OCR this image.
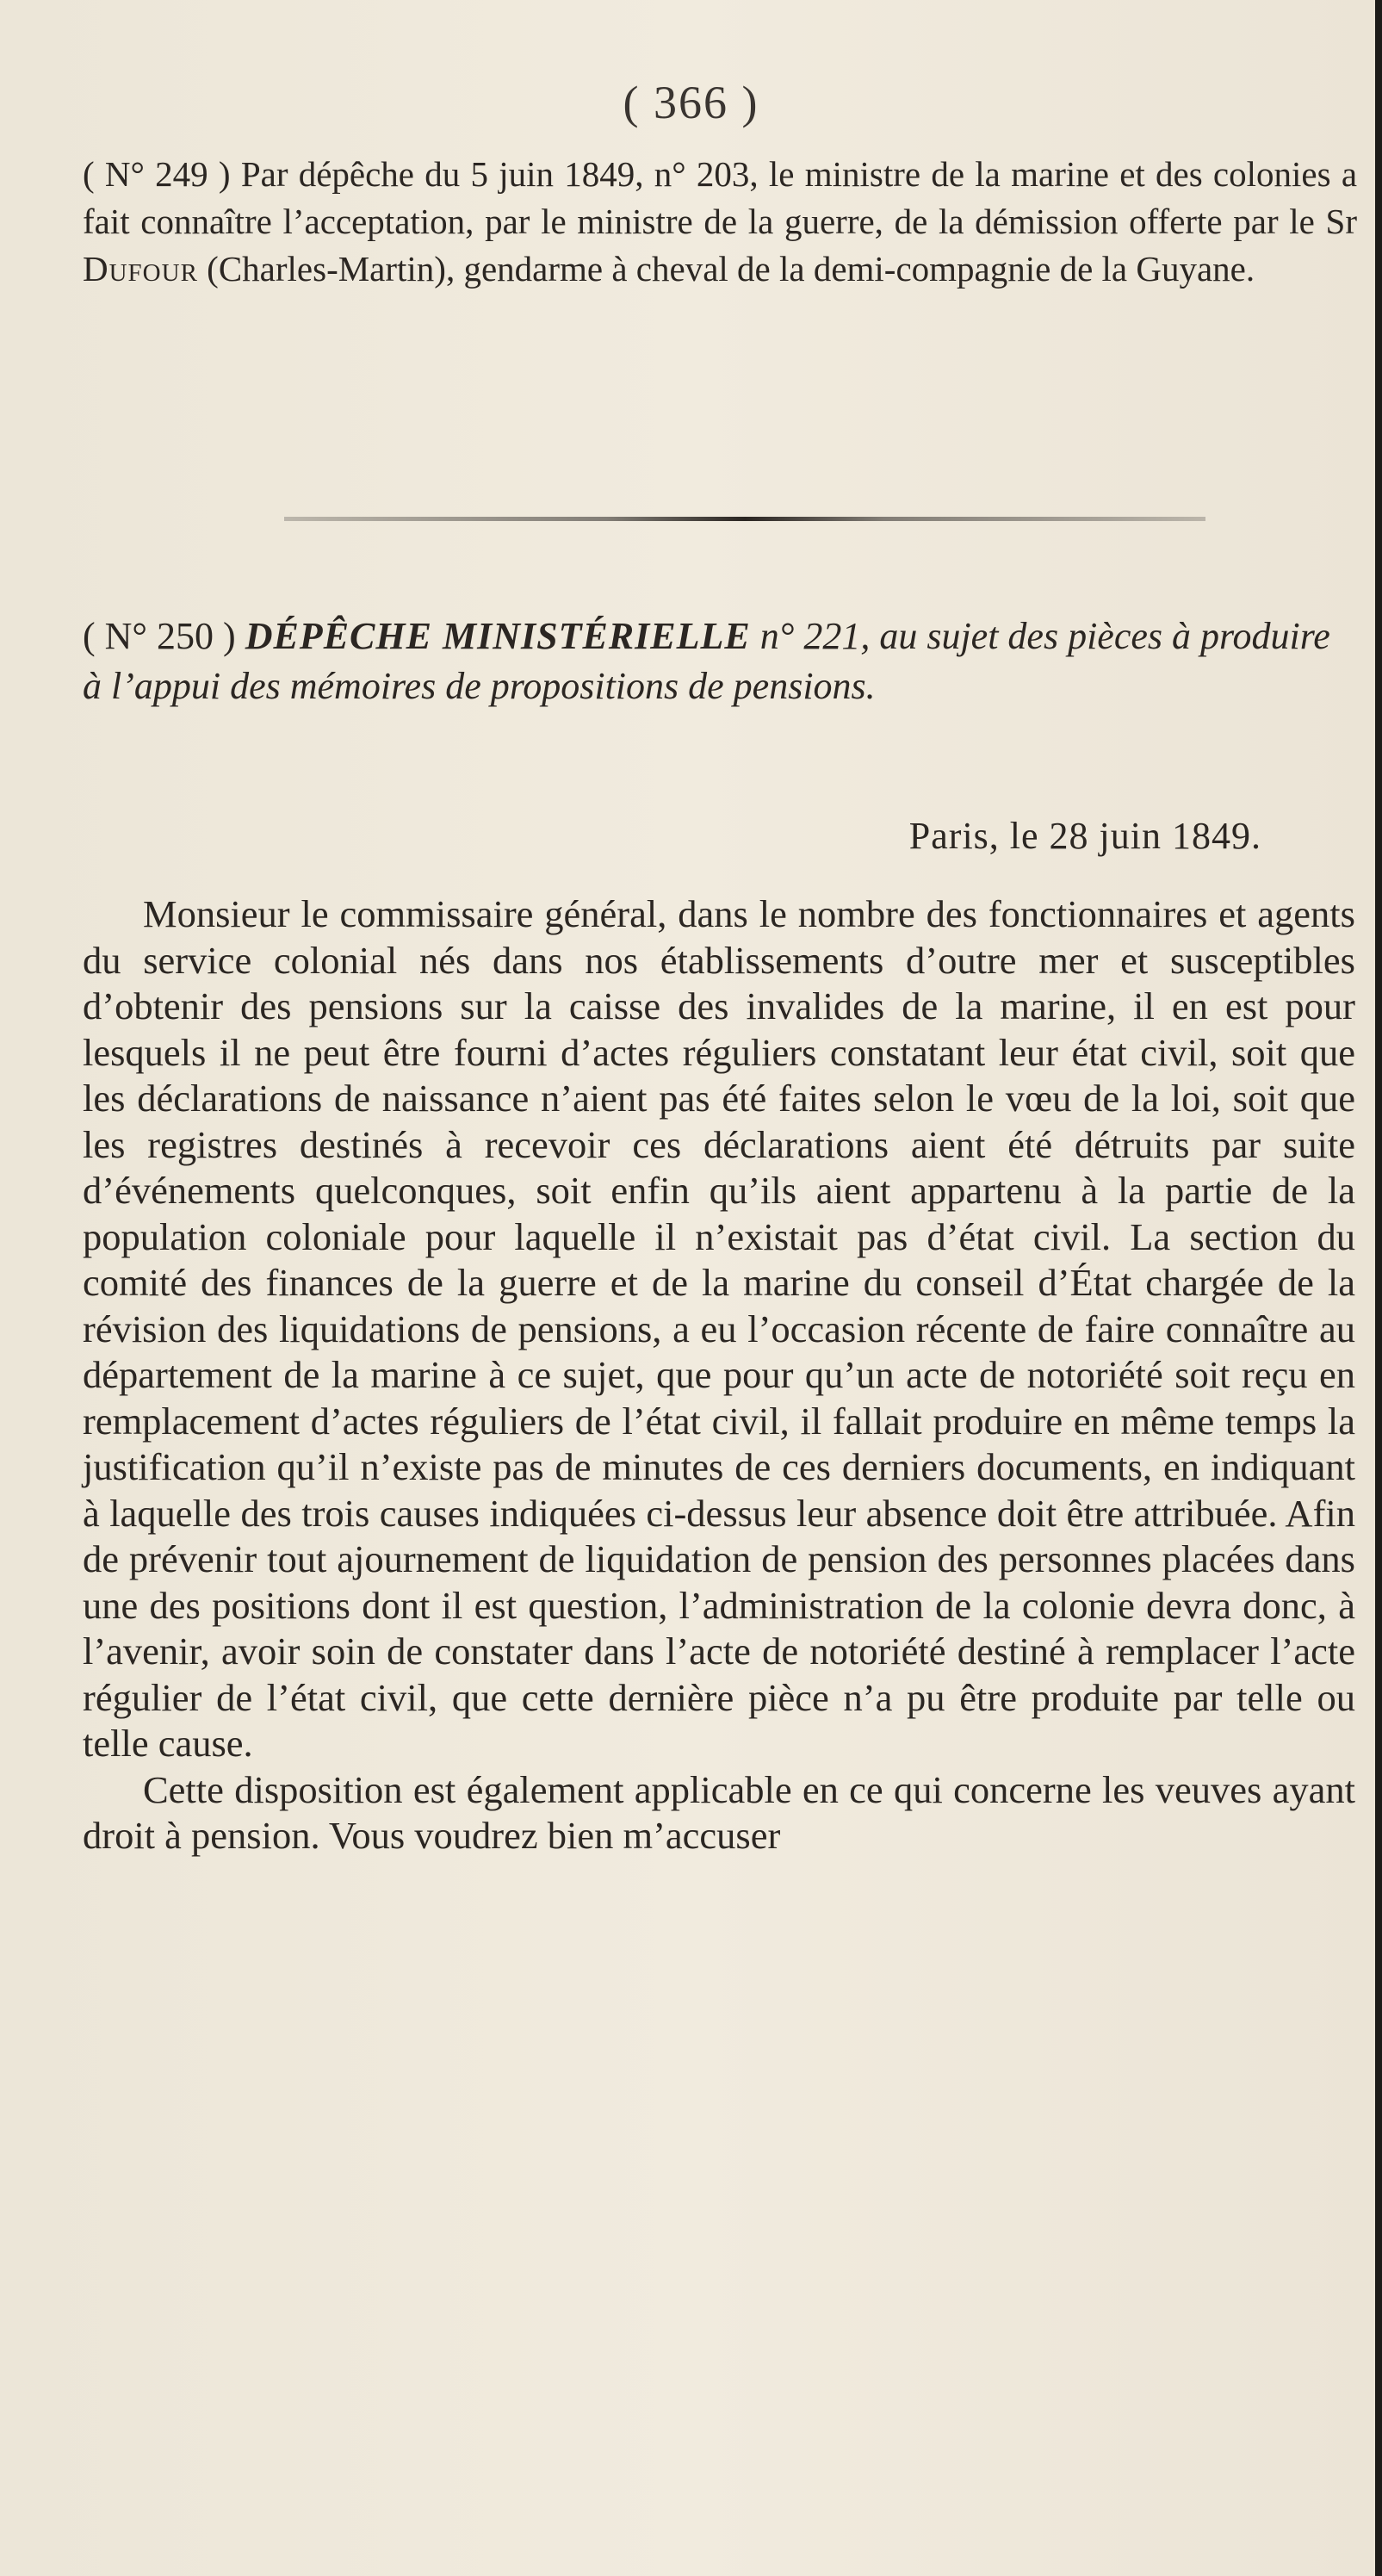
( 366 )
( N° 249 ) Par dépêche du 5 juin 1849, n° 203, le ministre de la marine et des colonies a fait connaître l’acceptation, par le ministre de la guerre, de la démission offerte par le Sr Dufour (Charles-Martin), gendarme à cheval de la demi-compagnie de la Guyane.
( N° 250 ) DÉPÊCHE MINISTÉRIELLE n° 221, au sujet des pièces à produire à l’appui des mémoires de propositions de pensions.
Paris, le 28 juin 1849.

Monsieur le commissaire général, dans le nombre des fonctionnaires et agents du service colonial nés dans nos établissements d’outre mer et susceptibles d’obtenir des pensions sur la caisse des invalides de la marine, il en est pour lesquels il ne peut être fourni d’actes réguliers constatant leur état civil, soit que les déclarations de naissance n’aient pas été faites selon le vœu de la loi, soit que les registres destinés à recevoir ces déclarations aient été détruits par suite d’événements quelconques, soit enfin qu’ils aient appartenu à la partie de la population coloniale pour laquelle il n’existait pas d’état civil. La section du comité des finances de la guerre et de la marine du conseil d’État chargée de la révision des liquidations de pensions, a eu l’occasion récente de faire connaître au département de la marine à ce sujet, que pour qu’un acte de notoriété soit reçu en remplacement d’actes réguliers de l’état civil, il fallait produire en même temps la justification qu’il n’existe pas de minutes de ces derniers documents, en indiquant à laquelle des trois causes indiquées ci-dessus leur absence doit être attribuée. Afin de prévenir tout ajournement de liquidation de pension des personnes placées dans une des positions dont il est question, l’administration de la colonie devra donc, à l’avenir, avoir soin de constater dans l’acte de notoriété destiné à remplacer l’acte régulier de l’état civil, que cette dernière pièce n’a pu être produite par telle ou telle cause.

Cette disposition est également applicable en ce qui concerne les veuves ayant droit à pension. Vous voudrez bien m’accuser
